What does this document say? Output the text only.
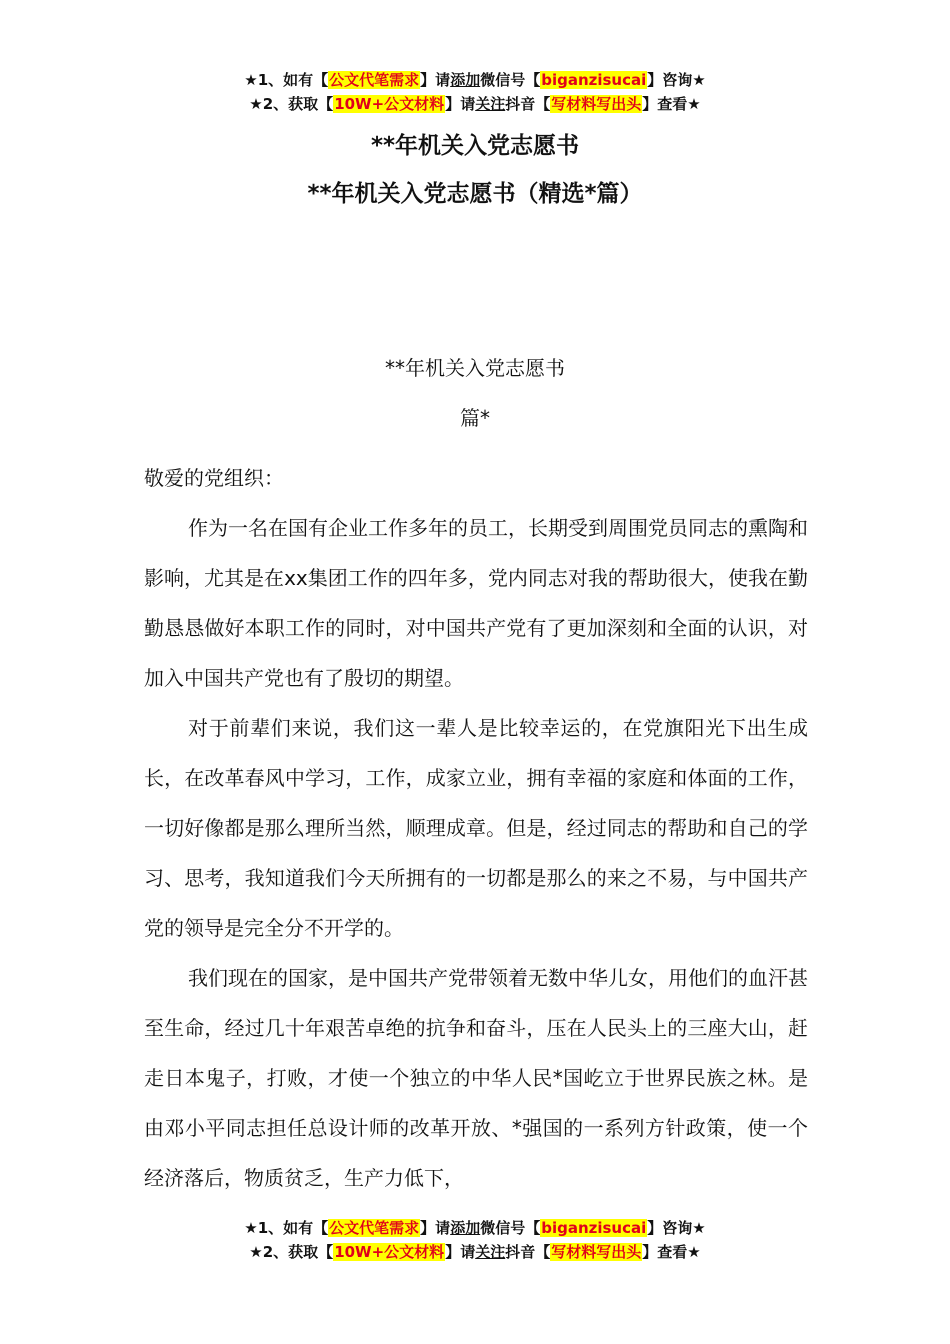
★1、如有【公文代笔需求】请添加微信号【biganzisucai】咨询★
★2、获取【10W+公文材料】请关注抖音【写材料写出头】查看★
**年机关入党志愿书
**年机关入党志愿书（精选*篇）
**年机关入党志愿书
篇*

敬爱的党组织：

作为一名在国有企业工作多年的员工，长期受到周围党员同志的熏陶和影响，尤其是在xx集团工作的四年多，党内同志对我的帮助很大，使我在勤勤恳恳做好本职工作的同时，对中国共产党有了更加深刻和全面的认识，对加入中国共产党也有了殷切的期望。

对于前辈们来说，我们这一辈人是比较幸运的，在党旗阳光下出生成长，在改革春风中学习，工作，成家立业，拥有幸福的家庭和体面的工作，一切好像都是那么理所当然，顺理成章。但是，经过同志的帮助和自己的学习、思考，我知道我们今天所拥有的一切都是那么的来之不易，与中国共产党的领导是完全分不开学的。

我们现在的国家，是中国共产党带领着无数中华儿女，用他们的血汗甚至生命，经过几十年艰苦卓绝的抗争和奋斗，压在人民头上的三座大山，赶走日本鬼子，打败，才使一个独立的中华人民*国屹立于世界民族之林。是由邓小平同志担任总设计师的改革开放、*强国的一系列方针政策，使一个经济落后，物质贫乏，生产力低下，

★1、如有【公文代笔需求】请添加微信号【biganzisucai】咨询★
★2、获取【10W+公文材料】请关注抖音【写材料写出头】查看★
